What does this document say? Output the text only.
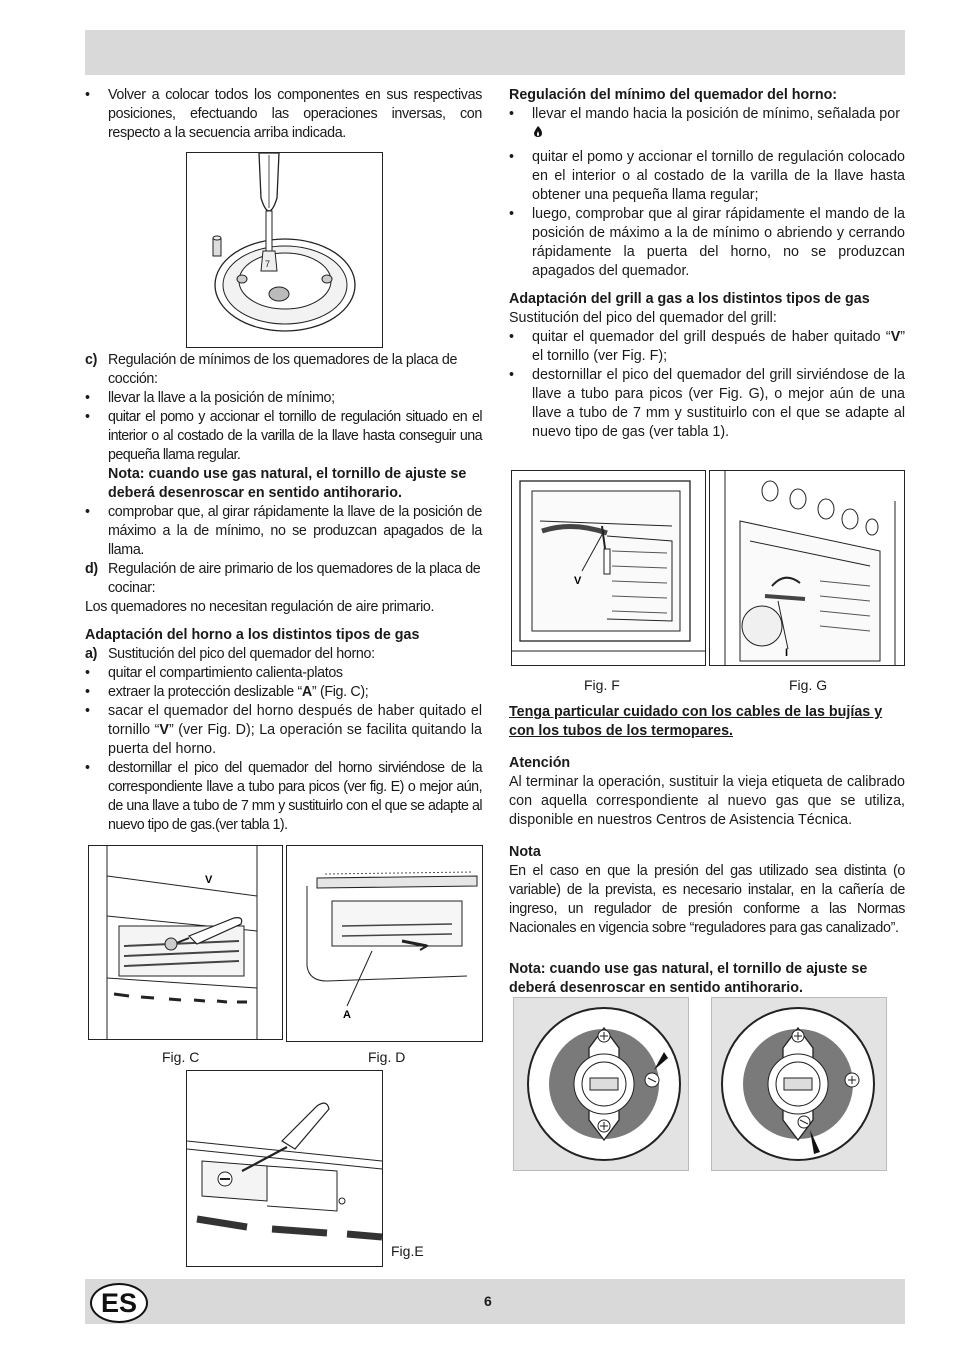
• Volver a colocar todos los componentes en sus respectivas posiciones, efectuando las operaciones inversas, con respecto a la secuencia arriba indicada.

c) Regulación de mínimos de los quemadores de la placa de cocción:

• llevar la llave a la posición de mínimo;

• quitar el pomo y accionar el tornillo de regulación situado en el interior o al costado de la varilla de la llave hasta conseguir una pequeña llama regular.

Nota: cuando use gas natural, el tornillo de ajuste se deberá desenroscar en sentido antihorario.

• comprobar que, al girar rápidamente la llave de la posición de máximo a la de mínimo, no se produzcan apagados de la llama.

d) Regulación de aire primario de los quemadores de la placa de cocinar:

Los quemadores no necesitan regulación de aire primario.

Adaptación del horno a los distintos tipos de gas

a) Sustitución del pico del quemador del horno:

• quitar el compartimiento calienta-platos

• extraer la protección deslizable “A” (Fig. C);

• sacar el quemador del horno después de haber quitado el tornillo “V” (ver Fig. D); La operación se facilita quitando la puerta del horno.

• destornillar el pico del quemador del horno sirviéndose de la correspondiente llave a tubo para picos (ver fig. E) o mejor aún, de una llave a tubo de 7 mm y sustituirlo con el que se adapte al nuevo tipo de gas.(ver tabla 1).

7
V
A
Fig. C	Fig. D
Fig.E

Regulación del mínimo del quemador del horno:

• llevar el mando hacia la posición de mínimo, señalada por

• quitar el pomo y accionar el tornillo de regulación colocado en el interior o al costado de la varilla de la llave hasta obtener una pequeña llama regular;

• luego, comprobar que al girar rápidamente el mando de la posición de máximo a la de mínimo o abriendo y cerrando rápidamente la puerta del horno, no se produzcan apagados del quemador.

Adaptación del grill a gas a los distintos tipos de gas

Sustitución del pico del quemador del grill:

• quitar el quemador del grill después de haber quitado “V” el tornillo (ver Fig. F);

• destornillar el pico del quemador del grill sirviéndose de la llave a tubo para picos (ver Fig. G), o mejor aún de una llave a tubo de 7 mm y sustituirlo con el que se adapte al nuevo tipo de gas (ver tabla 1).

V
I
Fig. F	Fig. G

Tenga particular cuidado con los cables de las bujías y con los tubos de los termopares.

Atención

Al terminar la operación, sustituir la vieja etiqueta de calibrado con aquella correspondiente al nuevo gas que se utiliza, disponible en nuestros Centros de Asistencia Técnica.

Nota

En el caso en que la presión del gas utilizado sea distinta (o variable) de la prevista, es necesario instalar, en la cañería de ingreso, un regulador de presión conforme a las Normas Nacionales en vigencia sobre “reguladores para gas canalizado”.

Nota: cuando use gas natural, el tornillo de ajuste se deberá desenroscar en sentido antihorario.

ES	6
